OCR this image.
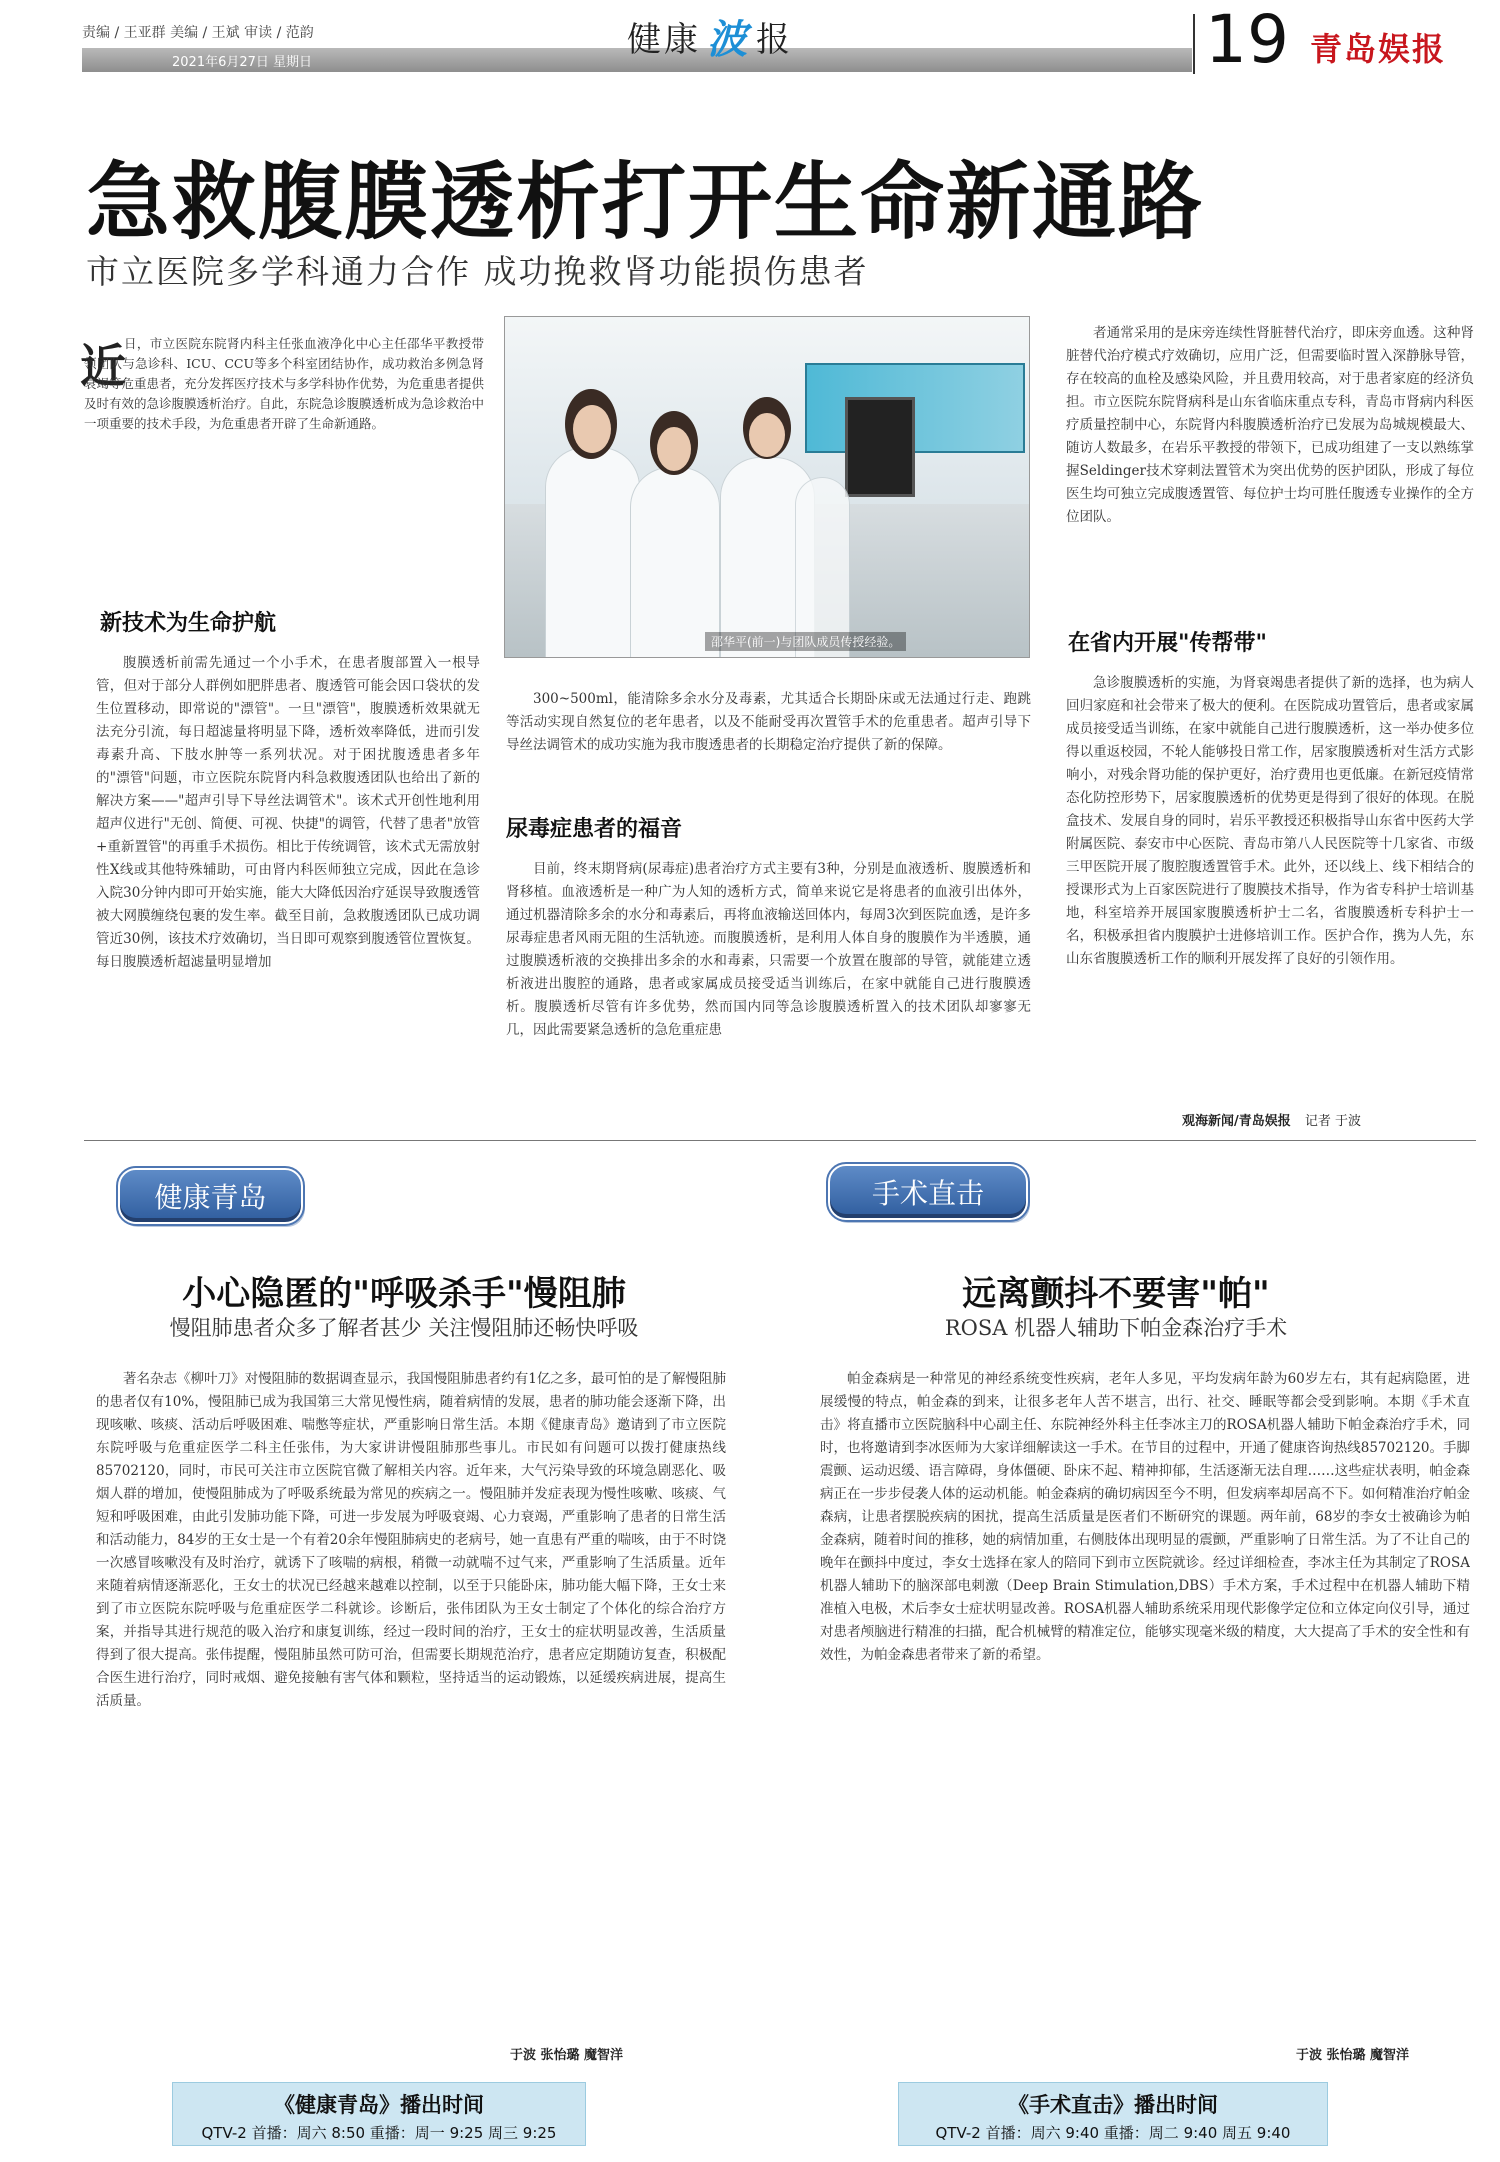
责编 / 王亚群 美编 / 王斌 审读 / 范韵
2021年6月27日 星期日
健康 波 报	19 青岛娱报
急救腹膜透析打开生命新通路
市立医院多学科通力合作 成功挽救肾功能损伤患者
近
日，市立医院东院肾内科主任张血液净化中心主任邵华平教授带领团队与急诊科、ICU、CCU等多个科室团结协作，成功救治多例急肾衰竭等危重患者，充分发挥医疗技术与多学科协作优势，为危重患者提供及时有效的急诊腹膜透析治疗。自此，东院急诊腹膜透析成为急诊救治中一项重要的技术手段，为危重患者开辟了生命新通路。
邵华平(前一)与团队成员传授经验。
新技术为生命护航

腹膜透析前需先通过一个小手术，在患者腹部置入一根导管，但对于部分人群例如肥胖患者、腹透管可能会因口袋状的发生位置移动，即常说的"漂管"。一旦"漂管"，腹膜透析效果就无法充分引流，每日超滤量将明显下降，透析效率降低，进而引发毒素升高、下肢水肿等一系列状况。对于困扰腹透患者多年的"漂管"问题，市立医院东院肾内科急救腹透团队也给出了新的解决方案——"超声引导下导丝法调管术"。该术式开创性地利用超声仪进行"无创、简便、可视、快捷"的调管，代替了患者"放管+重新置管"的再重手术损伤。相比于传统调管，该术式无需放射性X线或其他特殊辅助，可由肾内科医师独立完成，因此在急诊入院30分钟内即可开始实施，能大大降低因治疗延误导致腹透管被大网膜缠绕包裹的发生率。截至目前，急救腹透团队已成功调管近30例，该技术疗效确切，当日即可观察到腹透管位置恢复。每日腹膜透析超滤量明显增加

300~500ml，能清除多余水分及毒素，尤其适合长期卧床或无法通过行走、跑跳等活动实现自然复位的老年患者，以及不能耐受再次置管手术的危重患者。超声引导下导丝法调管术的成功实施为我市腹透患者的长期稳定治疗提供了新的保障。

尿毒症患者的福音

目前，终末期肾病(尿毒症)患者治疗方式主要有3种，分别是血液透析、腹膜透析和肾移植。血液透析是一种广为人知的透析方式，简单来说它是将患者的血液引出体外，通过机器清除多余的水分和毒素后，再将血液输送回体内，每周3次到医院血透，是许多尿毒症患者风雨无阻的生活轨迹。而腹膜透析，是利用人体自身的腹膜作为半透膜，通过腹膜透析液的交换排出多余的水和毒素，只需要一个放置在腹部的导管，就能建立透析液进出腹腔的通路，患者或家属成员接受适当训练后，在家中就能自己进行腹膜透析。腹膜透析尽管有许多优势，然而国内同等急诊腹膜透析置入的技术团队却寥寥无几，因此需要紧急透析的急危重症患

者通常采用的是床旁连续性肾脏替代治疗，即床旁血透。这种肾脏替代治疗模式疗效确切，应用广泛，但需要临时置入深静脉导管，存在较高的血栓及感染风险，并且费用较高，对于患者家庭的经济负担。市立医院东院肾病科是山东省临床重点专科，青岛市肾病内科医疗质量控制中心，东院肾内科腹膜透析治疗已发展为岛城规模最大、随访人数最多，在岩乐平教授的带领下，已成功组建了一支以熟练掌握Seldinger技术穿刺法置管术为突出优势的医护团队，形成了每位医生均可独立完成腹透置管、每位护士均可胜任腹透专业操作的全方位团队。

在省内开展"传帮带"

急诊腹膜透析的实施，为肾衰竭患者提供了新的选择，也为病人回归家庭和社会带来了极大的便利。在医院成功置管后，患者或家属成员接受适当训练，在家中就能自己进行腹膜透析，这一举办使多位得以重返校园，不轮人能够投日常工作，居家腹膜透析对生活方式影响小，对残余肾功能的保护更好，治疗费用也更低廉。在新冠疫情常态化防控形势下，居家腹膜透析的优势更是得到了很好的体现。在脱盒技术、发展自身的同时，岩乐平教授还积极指导山东省中医药大学附属医院、泰安市中心医院、青岛市第八人民医院等十几家省、市级三甲医院开展了腹腔腹透置管手术。此外，还以线上、线下相结合的授课形式为上百家医院进行了腹膜技术指导，作为省专科护士培训基地，科室培养开展国家腹膜透析护士二名，省腹膜透析专科护士一名，积极承担省内腹膜护士进修培训工作。医护合作，携为人先，东山东省腹膜透析工作的顺利开展发挥了良好的引领作用。

观海新闻/青岛娱报 记者 于波
健康青岛
小心隐匿的"呼吸杀手"慢阻肺
慢阻肺患者众多了解者甚少 关注慢阻肺还畅快呼吸

著名杂志《柳叶刀》对慢阻肺的数据调查显示，我国慢阻肺患者约有1亿之多，最可怕的是了解慢阻肺的患者仅有10%，慢阻肺已成为我国第三大常见慢性病，随着病情的发展，患者的肺功能会逐渐下降，出现咳嗽、咳痰、活动后呼吸困难、喘憋等症状，严重影响日常生活。本期《健康青岛》邀请到了市立医院东院呼吸与危重症医学二科主任张伟，为大家讲讲慢阻肺那些事儿。市民如有问题可以拨打健康热线85702120，同时，市民可关注市立医院官微了解相关内容。近年来，大气污染导致的环境急剧恶化、吸烟人群的增加，使慢阻肺成为了呼吸系统最为常见的疾病之一。慢阻肺并发症表现为慢性咳嗽、咳痰、气短和呼吸困难，由此引发肺功能下降，可进一步发展为呼吸衰竭、心力衰竭，严重影响了患者的日常生活和活动能力，84岁的王女士是一个有着20余年慢阻肺病史的老病号，她一直患有严重的喘咳，由于不时饶一次感冒咳嗽没有及时治疗，就诱下了咳喘的病根，稍微一动就喘不过气来，严重影响了生活质量。近年来随着病情逐渐恶化，王女士的状况已经越来越难以控制，以至于只能卧床，肺功能大幅下降，王女士来到了市立医院东院呼吸与危重症医学二科就诊。诊断后，张伟团队为王女士制定了个体化的综合治疗方案，并指导其进行规范的吸入治疗和康复训练，经过一段时间的治疗，王女士的症状明显改善，生活质量得到了很大提高。张伟提醒，慢阻肺虽然可防可治，但需要长期规范治疗，患者应定期随访复查，积极配合医生进行治疗，同时戒烟、避免接触有害气体和颗粒，坚持适当的运动锻炼，以延缓疾病进展，提高生活质量。

于波 张怡璐 魔智洋
《健康青岛》播出时间
QTV-2 首播：周六 8:50 重播：周一 9:25 周三 9:25
手术直击
远离颤抖不要害"帕"
ROSA 机器人辅助下帕金森治疗手术

帕金森病是一种常见的神经系统变性疾病，老年人多见，平均发病年龄为60岁左右，其有起病隐匿，进展缓慢的特点，帕金森的到来，让很多老年人苦不堪言，出行、社交、睡眠等都会受到影响。本期《手术直击》将直播市立医院脑科中心副主任、东院神经外科主任李冰主刀的ROSA机器人辅助下帕金森治疗手术，同时，也将邀请到李冰医师为大家详细解读这一手术。在节目的过程中，开通了健康咨询热线85702120。手脚震颤、运动迟缓、语言障碍，身体僵硬、卧床不起、精神抑郁，生活逐渐无法自理……这些症状表明，帕金森病正在一步步侵袭人体的运动机能。帕金森病的确切病因至今不明，但发病率却居高不下。如何精准治疗帕金森病，让患者摆脱疾病的困扰，提高生活质量是医者们不断研究的课题。两年前，68岁的李女士被确诊为帕金森病，随着时间的推移，她的病情加重，右侧肢体出现明显的震颤，严重影响了日常生活。为了不让自己的晚年在颤抖中度过，李女士选择在家人的陪同下到市立医院就诊。经过详细检查，李冰主任为其制定了ROSA机器人辅助下的脑深部电刺激（Deep Brain Stimulation,DBS）手术方案，手术过程中在机器人辅助下精准植入电极，术后李女士症状明显改善。ROSA机器人辅助系统采用现代影像学定位和立体定向仪引导，通过对患者颅脑进行精准的扫描，配合机械臂的精准定位，能够实现毫米级的精度，大大提高了手术的安全性和有效性，为帕金森患者带来了新的希望。

于波 张怡璐 魔智洋
《手术直击》播出时间
QTV-2 首播：周六 9:40 重播：周二 9:40 周五 9:40
